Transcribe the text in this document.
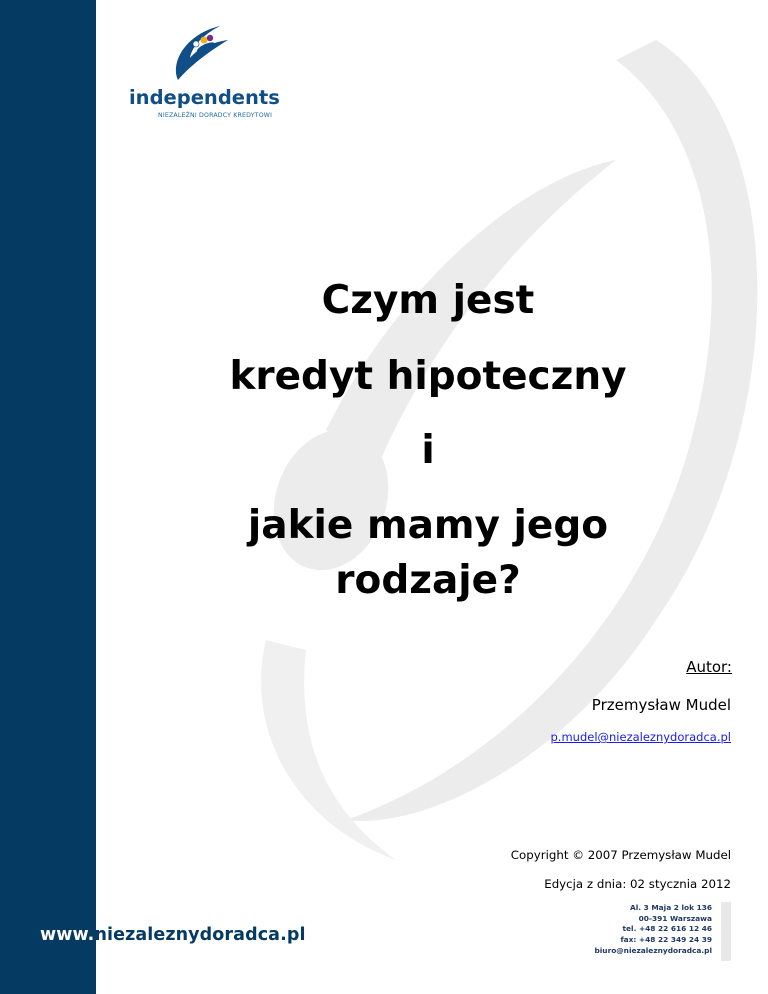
independents
NIEZALEŻNI DORADCY KREDYTOWI
Czym jest
kredyt hipoteczny
i
jakie mamy jego
rodzaje?
Autor:
Przemysław Mudel
p.mudel@niezaleznydoradca.pl
Copyright © 2007 Przemysław Mudel
Edycja z dnia: 02 stycznia 2012
www.niezaleznydoradca.pl
Al. 3 Maja 2 lok 136
00-391 Warszawa
tel. +48 22 616 12 46
fax: +48 22 349 24 39
biuro@niezaleznydoradca.pl
